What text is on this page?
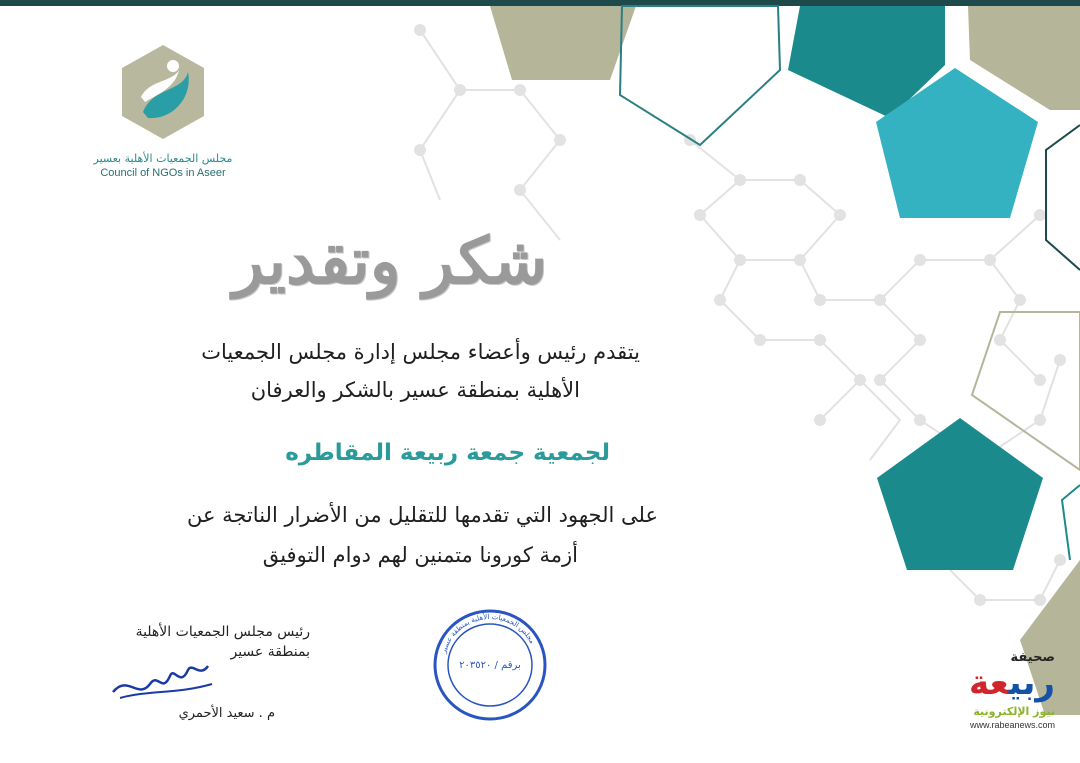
مجلس الجمعيات الأهلية بعسير
Council of NGOs in Aseer
شكر وتقدير
يتقدم رئيس وأعضاء مجلس إدارة مجلس الجمعيات
الأهلية بمنطقة عسير بالشكر والعرفان
لجمعية جمعة ربيعة المقاطره
على الجهود التي تقدمها للتقليل من الأضرار الناتجة عن
أزمة كورونا متمنين لهم دوام التوفيق
رئيس مجلس الجمعيات الأهلية
بمنطقة عسير
م . سعيد الأحمري
برقم / ٢٠٣٥٢٠
مجلس الجمعيات الأهلية بمنطقة عسير
صحيفة
ربيعة
نيوز الإلكترونية
www.rabeanews.com
